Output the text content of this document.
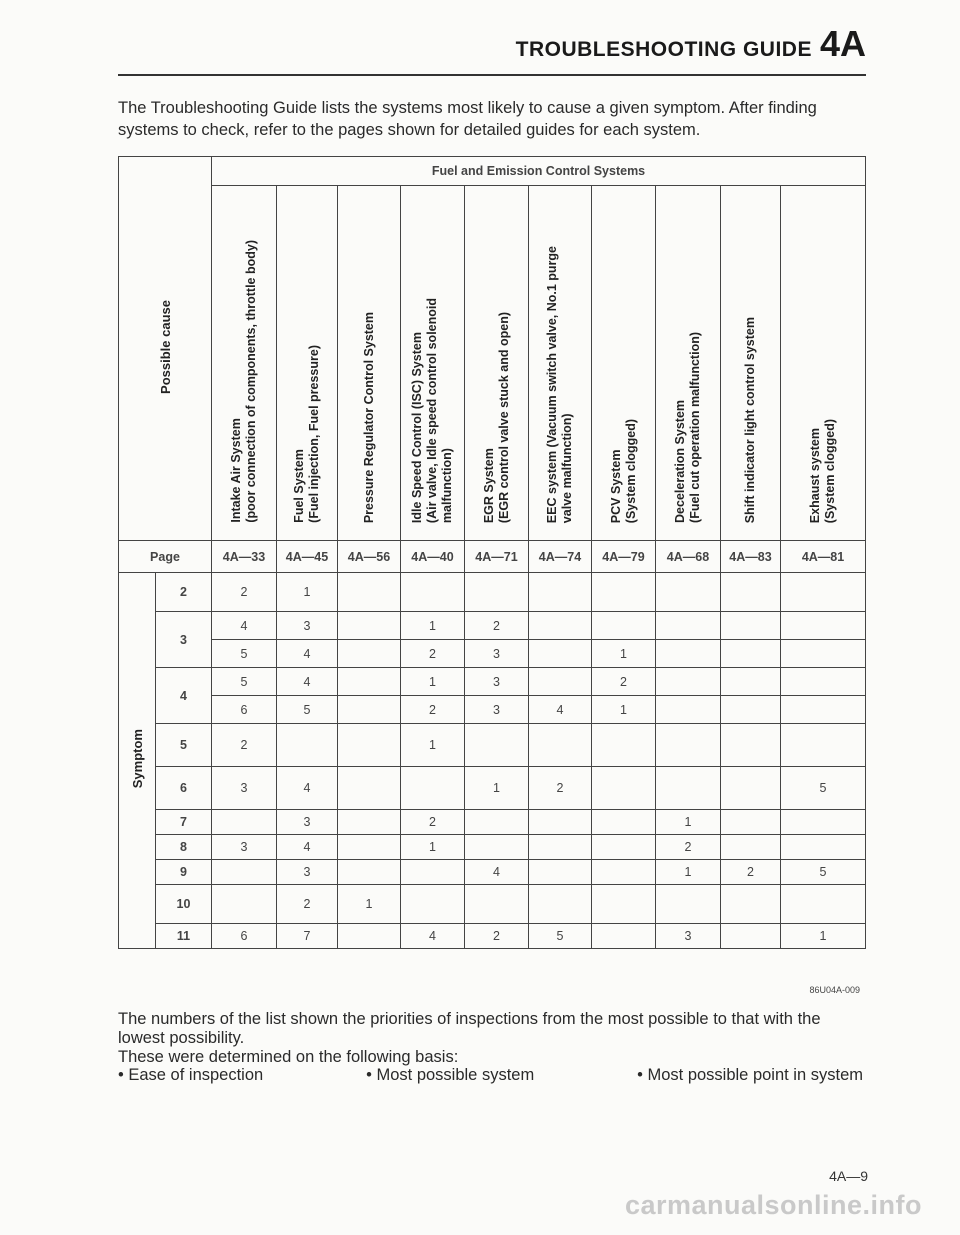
TROUBLESHOOTING GUIDE 4A
The Troubleshooting Guide lists the systems most likely to cause a given symptom. After finding systems to check, refer to the pages shown for detailed guides for each system.
Possible cause		Fuel and Emission Control Systems									
		Intake Air System
(poor connection of components, throttle body)	Fuel System
(Fuel injection, Fuel pressure)	Pressure Regulator Control System	Idle Speed Control (ISC) System
(Air valve, Idle speed control solenoid
malfunction)	EGR System
(EGR control valve stuck and open)	EEC system (Vacuum switch valve, No.1 purge
valve malfunction)	PCV System
(System clogged)	Deceleration System
(Fuel cut operation malfunction)	Shift indicator light control system	Exhaust system
(System clogged)
Page		4A—33	4A—45	4A—56	4A—40	4A—71	4A—74	4A—79	4A—68	4A—83	4A—81
Symptom	2	2	1								
	3	4	3		1	2					
		5	4		2	3		1			
	4	5	4		1	3		2			
		6	5		2	3	4	1			
	5	2			1						
	6	3	4			1	2				5
	7		3		2				1		
	8	3	4		1				2		
	9		3			4			1	2	5
	10		2	1							
	11	6	7		4	2	5		3		1
86U04A-009
The numbers of the list shown the priorities of inspections from the most possible to that with the lowest possibility.
These were determined on the following basis:
• Ease of inspection	• Most possible system	• Most possible point in system
4A—9
carmanualsonline.info
